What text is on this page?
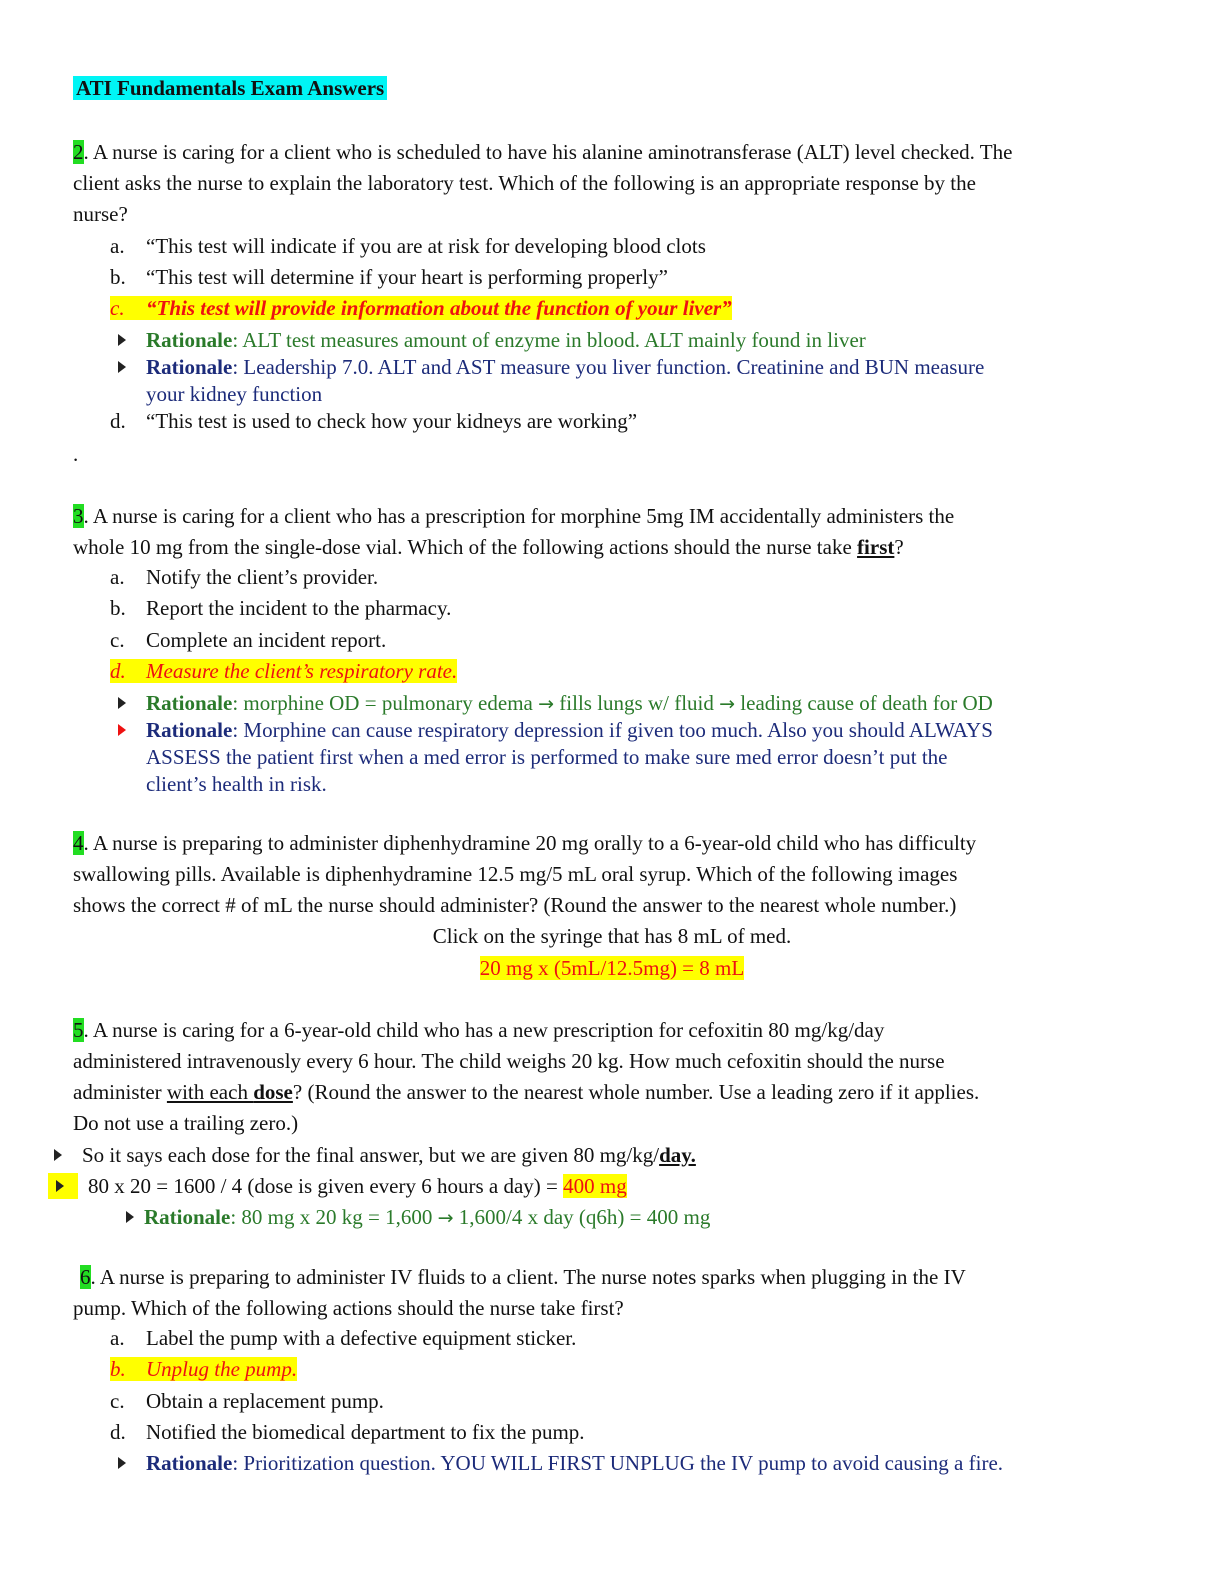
ATI Fundamentals Exam Answers
2. A nurse is caring for a client who is scheduled to have his alanine aminotransferase (ALT) level checked. The
client asks the nurse to explain the laboratory test. Which of the following is an appropriate response by the
nurse?
a. “This test will indicate if you are at risk for developing blood clots
b. “This test will determine if your heart is performing properly”
c. “This test will provide information about the function of your liver”
Rationale: ALT test measures amount of enzyme in blood. ALT mainly found in liver
Rationale: Leadership 7.0. ALT and AST measure you liver function. Creatinine and BUN measure
your kidney function
d. “This test is used to check how your kidneys are working”
.
3. A nurse is caring for a client who has a prescription for morphine 5mg IM accidentally administers the
whole 10 mg from the single-dose vial. Which of the following actions should the nurse take first?
a. Notify the client’s provider.
b. Report the incident to the pharmacy.
c. Complete an incident report.
d. Measure the client’s respiratory rate.
Rationale: morphine OD = pulmonary edema → fills lungs w/ fluid → leading cause of death for OD
Rationale: Morphine can cause respiratory depression if given too much. Also you should ALWAYS
ASSESS the patient first when a med error is performed to make sure med error doesn’t put the
client’s health in risk.
4. A nurse is preparing to administer diphenhydramine 20 mg orally to a 6-year-old child who has difficulty
swallowing pills. Available is diphenhydramine 12.5 mg/5 mL oral syrup. Which of the following images
shows the correct # of mL the nurse should administer? (Round the answer to the nearest whole number.)
Click on the syringe that has 8 mL of med.
20 mg x (5mL/12.5mg) = 8 mL
5. A nurse is caring for a 6-year-old child who has a new prescription for cefoxitin 80 mg/kg/day
administered intravenously every 6 hour. The child weighs 20 kg. How much cefoxitin should the nurse
administer with each dose? (Round the answer to the nearest whole number. Use a leading zero if it applies.
Do not use a trailing zero.)
So it says each dose for the final answer, but we are given 80 mg/kg/day.
80 x 20 = 1600 / 4 (dose is given every 6 hours a day) = 400 mg
Rationale: 80 mg x 20 kg = 1,600 → 1,600/4 x day (q6h) = 400 mg
6. A nurse is preparing to administer IV fluids to a client. The nurse notes sparks when plugging in the IV
pump. Which of the following actions should the nurse take first?
a. Label the pump with a defective equipment sticker.
b. Unplug the pump.
c. Obtain a replacement pump.
d. Notified the biomedical department to fix the pump.
Rationale: Prioritization question. YOU WILL FIRST UNPLUG the IV pump to avoid causing a fire.
